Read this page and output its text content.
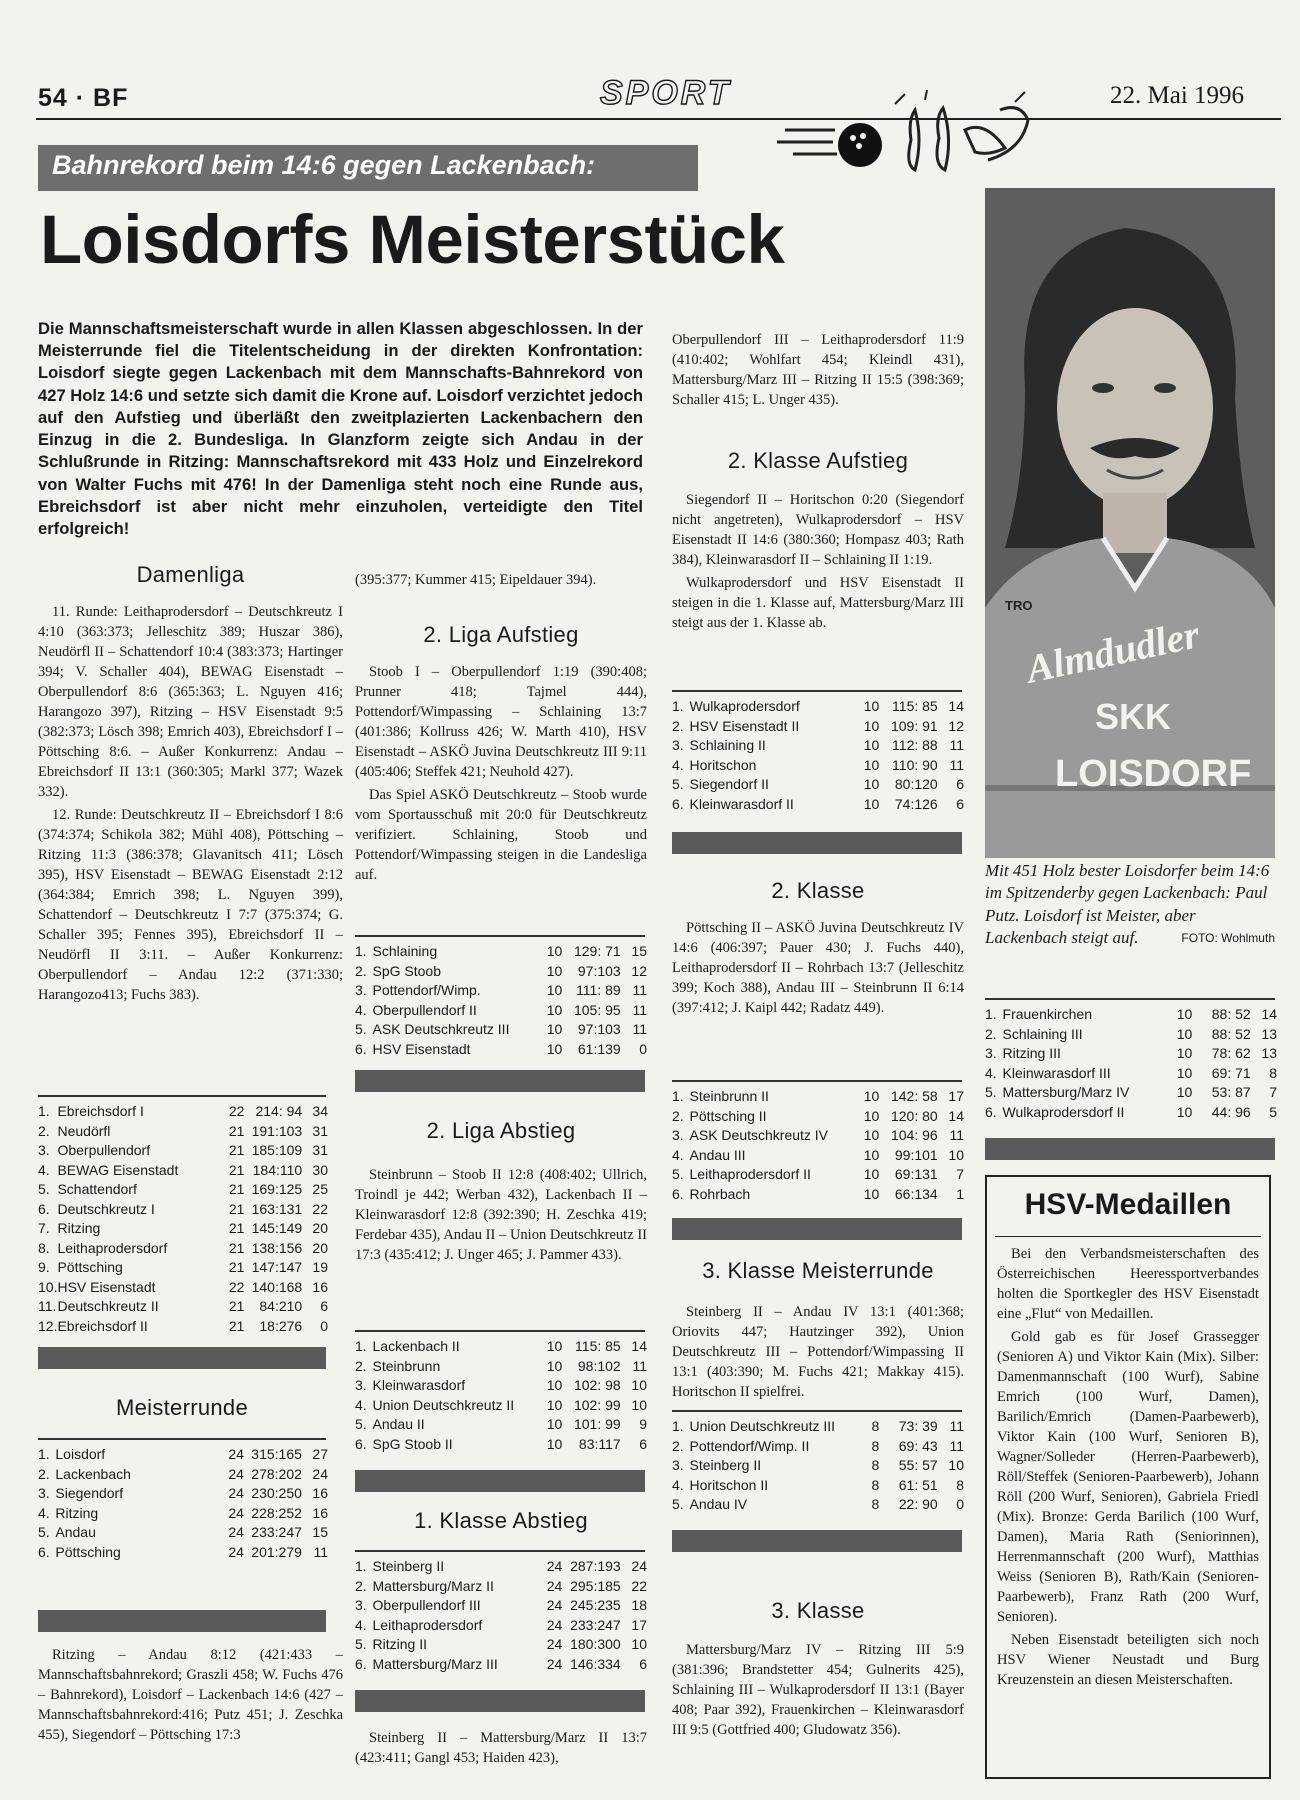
54 · BF	SPORT	22. Mai 1996
Bahnrekord beim 14:6 gegen Lackenbach:
Loisdorfs Meisterstück
Die Mannschaftsmeisterschaft wurde in allen Klassen abgeschlossen. In der Meisterrunde fiel die Titelentscheidung in der direkten Konfrontation: Loisdorf siegte gegen Lackenbach mit dem Mannschafts-Bahnrekord von 427 Holz 14:6 und setzte sich damit die Krone auf. Loisdorf verzichtet jedoch auf den Aufstieg und überläßt den zweitplazierten Lackenbachern den Einzug in die 2. Bundesliga. In Glanzform zeigte sich Andau in der Schlußrunde in Ritzing: Mannschaftsrekord mit 433 Holz und Einzelrekord von Walter Fuchs mit 476! In der Damenliga steht noch eine Runde aus, Ebreichsdorf ist aber nicht mehr einzuholen, verteidigte den Titel erfolgreich!
Damenliga

11. Runde: Leithaprodersdorf – Deutschkreutz I 4:10 (363:373; Jelleschitz 389; Huszar 386), Neudörfl II – Schattendorf 10:4 (383:373; Hartinger 394; V. Schaller 404), BEWAG Eisenstadt – Oberpullendorf 8:6 (365:363; L. Nguyen 416; Harangozo 397), Ritzing – HSV Eisenstadt 9:5 (382:373; Lösch 398; Emrich 403), Ebreichsdorf I – Pöttsching 8:6. – Außer Konkurrenz: Andau – Ebreichsdorf II 13:1 (360:305; Markl 377; Wazek 332).

12. Runde: Deutschkreutz II – Ebreichsdorf I 8:6 (374:374; Schikola 382; Mühl 408), Pöttsching – Ritzing 11:3 (386:378; Glavanitsch 411; Lösch 395), HSV Eisenstadt – BEWAG Eisenstadt 2:12 (364:384; Emrich 398; L. Nguyen 399), Schattendorf – Deutschkreutz I 7:7 (375:374; G. Schaller 395; Fennes 395), Ebreichsdorf II – Neudörfl II 3:11. – Außer Konkurrenz: Oberpullendorf – Andau 12:2 (371:330; Harangozo413; Fuchs 383).

1.	Ebreichsdorf I	22	214: 94	34
2.	Neudörfl	21	191:103	31
3.	Oberpullendorf	21	185:109	31
4.	BEWAG Eisenstadt	21	184:110	30
5.	Schattendorf	21	169:125	25
6.	Deutschkreutz I	21	163:131	22
7.	Ritzing	21	145:149	20
8.	Leithaprodersdorf	21	138:156	20
9.	Pöttsching	21	147:147	19
10.	HSV Eisenstadt	22	140:168	16
11.	Deutschkreutz II	21	84:210	6
12.	Ebreichsdorf II	21	18:276	0
Meisterrunde
1.	Loisdorf	24	315:165	27
2.	Lackenbach	24	278:202	24
3.	Siegendorf	24	230:250	16
4.	Ritzing	24	228:252	16
5.	Andau	24	233:247	15
6.	Pöttsching	24	201:279	11

Ritzing – Andau 8:12 (421:433 – Mannschaftsbahnrekord; Graszli 458; W. Fuchs 476 – Bahnrekord), Loisdorf – Lackenbach 14:6 (427 – Mannschaftsbahnrekord:416; Putz 451; J. Zeschka 455), Siegendorf – Pöttsching 17:3

(395:377; Kummer 415; Eipeldauer 394).

2. Liga Aufstieg

Stoob I – Oberpullendorf 1:19 (390:408; Prunner 418; Tajmel 444), Pottendorf/Wimpassing – Schlaining 13:7 (401:386; Kollruss 426; W. Marth 410), HSV Eisenstadt – ASKÖ Juvina Deutschkreutz III 9:11 (405:406; Steffek 421; Neuhold 427).

Das Spiel ASKÖ Deutschkreutz – Stoob wurde vom Sportausschuß mit 20:0 für Deutschkreutz verifiziert. Schlaining, Stoob und Pottendorf/Wimpassing steigen in die Landesliga auf.

1.	Schlaining	10	129: 71	15
2.	SpG Stoob	10	97:103	12
3.	Pottendorf/Wimp.	10	111: 89	11
4.	Oberpullendorf II	10	105: 95	11
5.	ASK Deutschkreutz III	10	97:103	11
6.	HSV Eisenstadt	10	61:139	0
2. Liga Abstieg

Steinbrunn – Stoob II 12:8 (408:402; Ullrich, Troindl je 442; Werban 432), Lackenbach II – Kleinwarasdorf 12:8 (392:390; H. Zeschka 419; Ferdebar 435), Andau II – Union Deutschkreutz II 17:3 (435:412; J. Unger 465; J. Pammer 433).

1.	Lackenbach II	10	115: 85	14
2.	Steinbrunn	10	98:102	11
3.	Kleinwarasdorf	10	102: 98	10
4.	Union Deutschkreutz II	10	102: 99	10
5.	Andau II	10	101: 99	9
6.	SpG Stoob II	10	83:117	6
1. Klasse Abstieg
1.	Steinberg II	24	287:193	24
2.	Mattersburg/Marz II	24	295:185	22
3.	Oberpullendorf III	24	245:235	18
4.	Leithaprodersdorf	24	233:247	17
5.	Ritzing II	24	180:300	10
6.	Mattersburg/Marz III	24	146:334	6

Steinberg II – Mattersburg/Marz II 13:7 (423:411; Gangl 453; Haiden 423),

Oberpullendorf III – Leithaprodersdorf 11:9 (410:402; Wohlfart 454; Kleindl 431), Mattersburg/Marz III – Ritzing II 15:5 (398:369; Schaller 415; L. Unger 435).

2. Klasse Aufstieg

Siegendorf II – Horitschon 0:20 (Siegendorf nicht angetreten), Wulkaprodersdorf – HSV Eisenstadt II 14:6 (380:360; Hompasz 403; Rath 384), Kleinwarasdorf II – Schlaining II 1:19.

Wulkaprodersdorf und HSV Eisenstadt II steigen in die 1. Klasse auf, Mattersburg/Marz III steigt aus der 1. Klasse ab.

1.	Wulkaprodersdorf	10	115: 85	14
2.	HSV Eisenstadt II	10	109: 91	12
3.	Schlaining II	10	112: 88	11
4.	Horitschon	10	110: 90	11
5.	Siegendorf II	10	80:120	6
6.	Kleinwarasdorf II	10	74:126	6
2. Klasse

Pöttsching II – ASKÖ Juvina Deutschkreutz IV 14:6 (406:397; Pauer 430; J. Fuchs 440), Leithaprodersdorf II – Rohrbach 13:7 (Jelleschitz 399; Koch 388), Andau III – Steinbrunn II 6:14 (397:412; J. Kaipl 442; Radatz 449).

1.	Steinbrunn II	10	142: 58	17
2.	Pöttsching II	10	120: 80	14
3.	ASK Deutschkreutz IV	10	104: 96	11
4.	Andau III	10	99:101	10
5.	Leithaprodersdorf II	10	69:131	7
6.	Rohrbach	10	66:134	1
3. Klasse Meisterrunde

Steinberg II – Andau IV 13:1 (401:368; Oriovits 447; Hautzinger 392), Union Deutschkreutz III – Pottendorf/Wimpassing II 13:1 (403:390; M. Fuchs 421; Makkay 415). Horitschon II spielfrei.

1.	Union Deutschkreutz III	8	73: 39	11
2.	Pottendorf/Wimp. II	8	69: 43	11
3.	Steinberg II	8	55: 57	10
4.	Horitschon II	8	61: 51	8
5.	Andau IV	8	22: 90	0
3. Klasse

Mattersburg/Marz IV – Ritzing III 5:9 (381:396; Brandstetter 454; Gulnerits 425), Schlaining III – Wulkaprodersdorf II 13:1 (Bayer 408; Paar 392), Frauenkirchen – Kleinwarasdorf III 9:5 (Gottfried 400; Gludowatz 356).

TRO
Almdudler
SKK
LOISDORF
Mit 451 Holz bester Loisdorfer beim 14:6 im Spitzenderby gegen Lackenbach: Paul Putz. Loisdorf ist Meister, aber Lackenbach steigt auf.	FOTO: Wohlmuth
1.	Frauenkirchen	10	88: 52	14
2.	Schlaining III	10	88: 52	13
3.	Ritzing III	10	78: 62	13
4.	Kleinwarasdorf III	10	69: 71	8
5.	Mattersburg/Marz IV	10	53: 87	7
6.	Wulkaprodersdorf II	10	44: 96	5
HSV-Medaillen

Bei den Verbandsmeisterschaften des Österreichischen Heeressportverbandes holten die Sportkegler des HSV Eisenstadt eine „Flut“ von Medaillen.

Gold gab es für Josef Grassegger (Senioren A) und Viktor Kain (Mix). Silber: Damenmannschaft (100 Wurf), Sabine Emrich (100 Wurf, Damen), Barilich/Emrich (Damen-Paarbewerb), Viktor Kain (100 Wurf, Senioren B), Wagner/Solleder (Herren-Paarbewerb), Röll/Steffek (Senioren-Paarbewerb), Johann Röll (200 Wurf, Senioren), Gabriela Friedl (Mix). Bronze: Gerda Barilich (100 Wurf, Damen), Maria Rath (Seniorinnen), Herrenmannschaft (200 Wurf), Matthias Weiss (Senioren B), Rath/Kain (Senioren-Paarbewerb), Franz Rath (200 Wurf, Senioren).

Neben Eisenstadt beteiligten sich noch HSV Wiener Neustadt und Burg Kreuzenstein an diesen Meisterschaften.
